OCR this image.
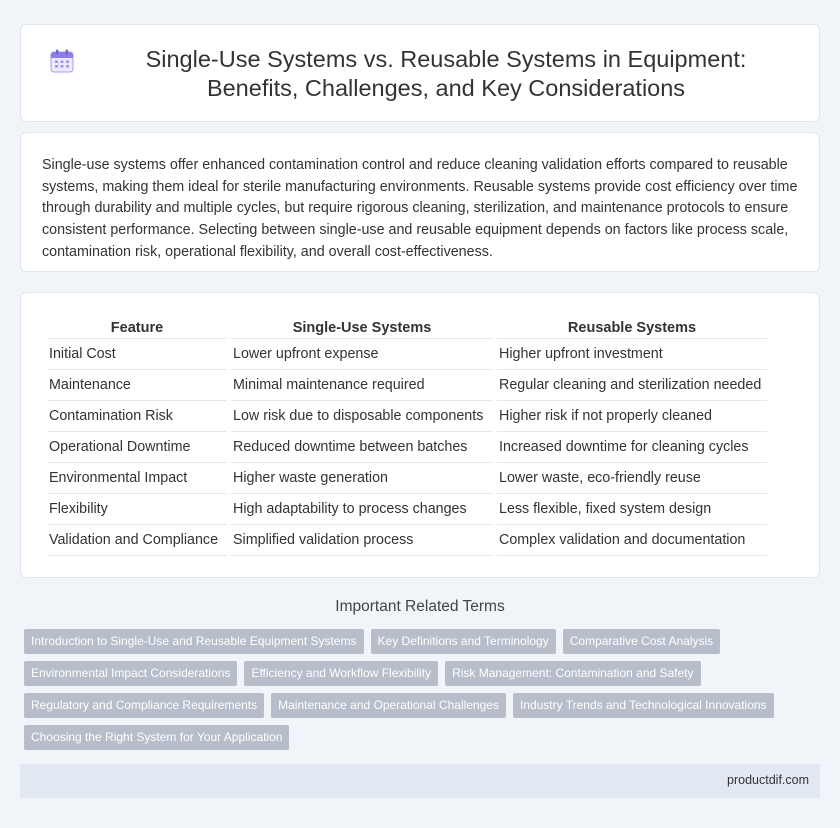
Single-Use Systems vs. Reusable Systems in Equipment: Benefits, Challenges, and Key Considerations

Single-use systems offer enhanced contamination control and reduce cleaning validation efforts compared to reusable systems, making them ideal for sterile manufacturing environments. Reusable systems provide cost efficiency over time through durability and multiple cycles, but require rigorous cleaning, sterilization, and maintenance protocols to ensure consistent performance. Selecting between single-use and reusable equipment depends on factors like process scale, contamination risk, operational flexibility, and overall cost-effectiveness.

Feature	Single-Use Systems	Reusable Systems
Initial Cost	Lower upfront expense	Higher upfront investment
Maintenance	Minimal maintenance required	Regular cleaning and sterilization needed
Contamination Risk	Low risk due to disposable components	Higher risk if not properly cleaned
Operational Downtime	Reduced downtime between batches	Increased downtime for cleaning cycles
Environmental Impact	Higher waste generation	Lower waste, eco-friendly reuse
Flexibility	High adaptability to process changes	Less flexible, fixed system design
Validation and Compliance	Simplified validation process	Complex validation and documentation
Important Related Terms
Introduction to Single-Use and Reusable Equipment Systems	Key Definitions and Terminology	Comparative Cost Analysis
Environmental Impact Considerations	Efficiency and Workflow Flexibility	Risk Management: Contamination and Safety
Regulatory and Compliance Requirements	Maintenance and Operational Challenges	Industry Trends and Technological Innovations
Choosing the Right System for Your Application
productdif.com
